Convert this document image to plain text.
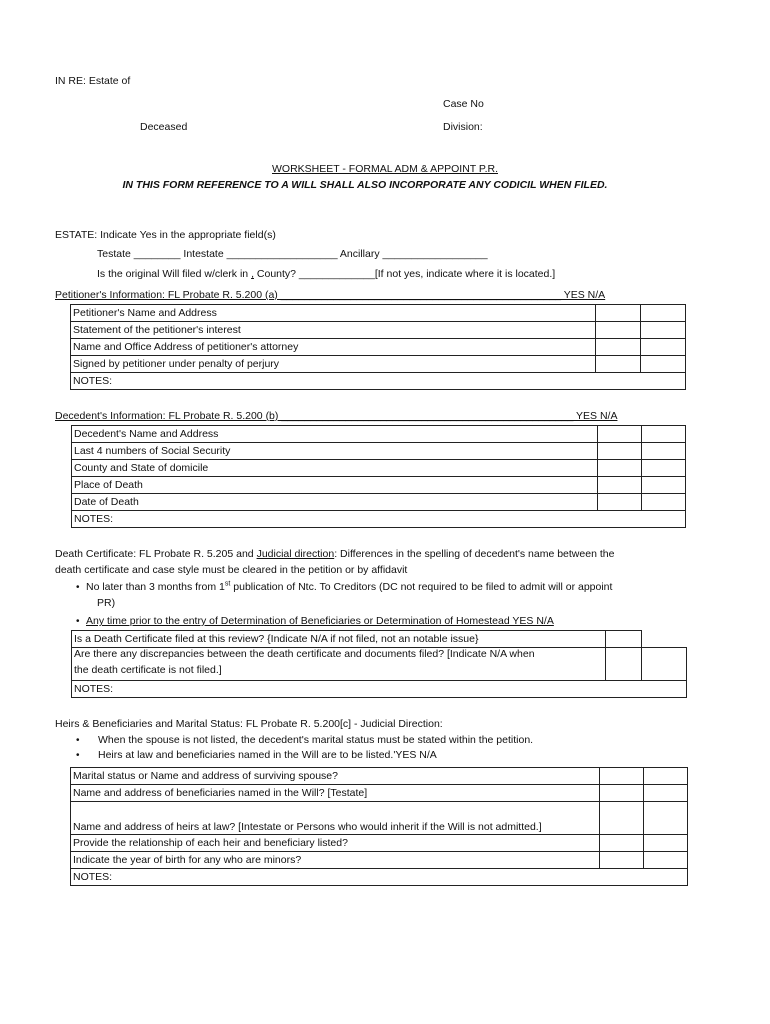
IN RE: Estate of
Case No
Deceased	Division:
WORKSHEET - FORMAL ADM & APPOINT P.R.
IN THIS FORM REFERENCE TO A WILL SHALL ALSO INCORPORATE ANY CODICIL WHEN FILED.
ESTATE: Indicate Yes in the appropriate field(s)
Testate ________ Intestate ___________________ Ancillary __________________
Is the original Will filed w/clerk in , County? _____________[If not yes, indicate where it is located.]
Petitioner's Information: FL Probate R. 5.200 (a) ________________________________________________ YES N/A
Petitioner's Name and Address		
Statement of the petitioner's interest		
Name and Office Address of petitioner's attorney		
Signed by petitioner under penalty of perjury		
NOTES:		
Decedent's Information: FL Probate R. 5.200 (b) __________________________________________________ YES N/A
Decedent's Name and Address		
Last 4 numbers of Social Security		
County and State of domicile		
Place of Death		
Date of Death		
NOTES:		
Death Certificate: FL Probate R. 5.205 and Judicial direction: Differences in the spelling of decedent's name between the
death certificate and case style must be cleared in the petition or by affidavit
• No later than 3 months from 1st publication of Ntc. To Creditors (DC not required to be filed to admit will or appoint
PR)
• Any time prior to the entry of Determination of Beneficiaries or Determination of Homestead YES N/A
Is a Death Certificate filed at this review? {Indicate N/A if not filed, not an notable issue}		

Are there any discrepancies between the death certificate and documents filed? [Indicate N/A when
the death certificate is not filed.]		

NOTES:		
Heirs & Beneficiaries and Marital Status: FL Probate R. 5.200[c] - Judicial Direction:
• When the spouse is not listed, the decedent's marital status must be stated within the petition.
• Heirs at law and beneficiaries named in the Will are to be listed.'YES N/A
Marital status or Name and address of surviving spouse?		
Name and address of beneficiaries named in the Will? [Testate]		
Name and address of heirs at law? [Intestate or Persons who would inherit if the Will is not admitted.]		
Provide the relationship of each heir and beneficiary listed?		
Indicate the year of birth for any who are minors?		
NOTES:		
